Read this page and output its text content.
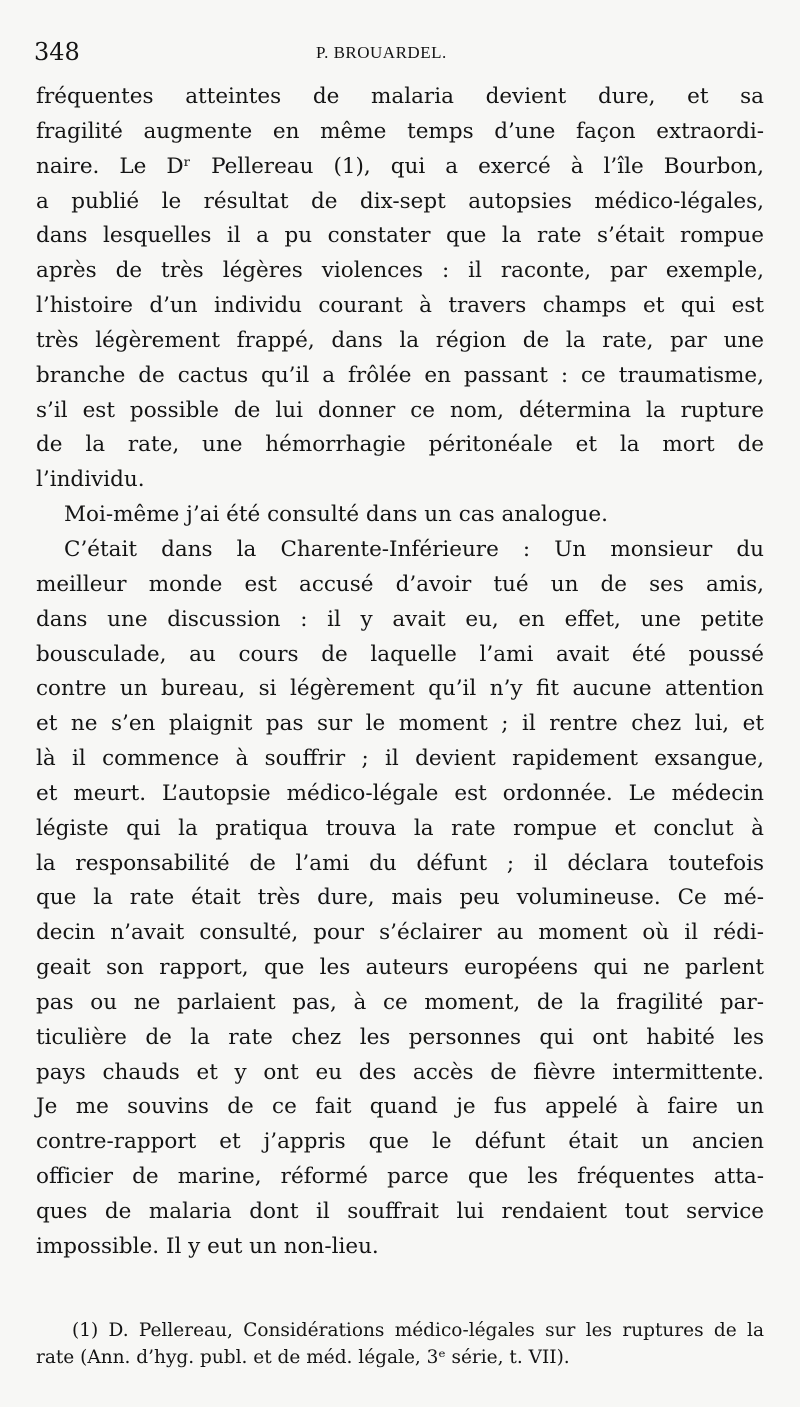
348	P. BROUARDEL.
fréquentes atteintes de malaria devient dure, et sa
fragilité augmente en même temps d’une façon extraordi-
naire. Le Dʳ Pellereau (1), qui a exercé à l’île Bourbon,
a publié le résultat de dix-sept autopsies médico-légales,
dans lesquelles il a pu constater que la rate s’était rompue
après de très légères violences : il raconte, par exemple,
l’histoire d’un individu courant à travers champs et qui est
très légèrement frappé, dans la région de la rate, par une
branche de cactus qu’il a frôlée en passant : ce traumatisme,
s’il est possible de lui donner ce nom, détermina la rupture
de la rate, une hémorrhagie péritonéale et la mort de
l’individu.
Moi-même j’ai été consulté dans un cas analogue.
C’était dans la Charente-Inférieure : Un monsieur du
meilleur monde est accusé d’avoir tué un de ses amis,
dans une discussion : il y avait eu, en effet, une petite
bousculade, au cours de laquelle l’ami avait été poussé
contre un bureau, si légèrement qu’il n’y fit aucune attention
et ne s’en plaignit pas sur le moment ; il rentre chez lui, et
là il commence à souffrir ; il devient rapidement exsangue,
et meurt. L’autopsie médico-légale est ordonnée. Le médecin
légiste qui la pratiqua trouva la rate rompue et conclut à
la responsabilité de l’ami du défunt ; il déclara toutefois
que la rate était très dure, mais peu volumineuse. Ce mé-
decin n’avait consulté, pour s’éclairer au moment où il rédi-
geait son rapport, que les auteurs européens qui ne parlent
pas ou ne parlaient pas, à ce moment, de la fragilité par-
ticulière de la rate chez les personnes qui ont habité les
pays chauds et y ont eu des accès de fièvre intermittente.
Je me souvins de ce fait quand je fus appelé à faire un
contre-rapport et j’appris que le défunt était un ancien
officier de marine, réformé parce que les fréquentes atta-
ques de malaria dont il souffrait lui rendaient tout service
impossible. Il y eut un non-lieu.
(1) D. Pellereau, Considérations médico-légales sur les ruptures de la
rate (Ann. d’hyg. publ. et de méd. légale, 3ᵉ série, t. VII).
